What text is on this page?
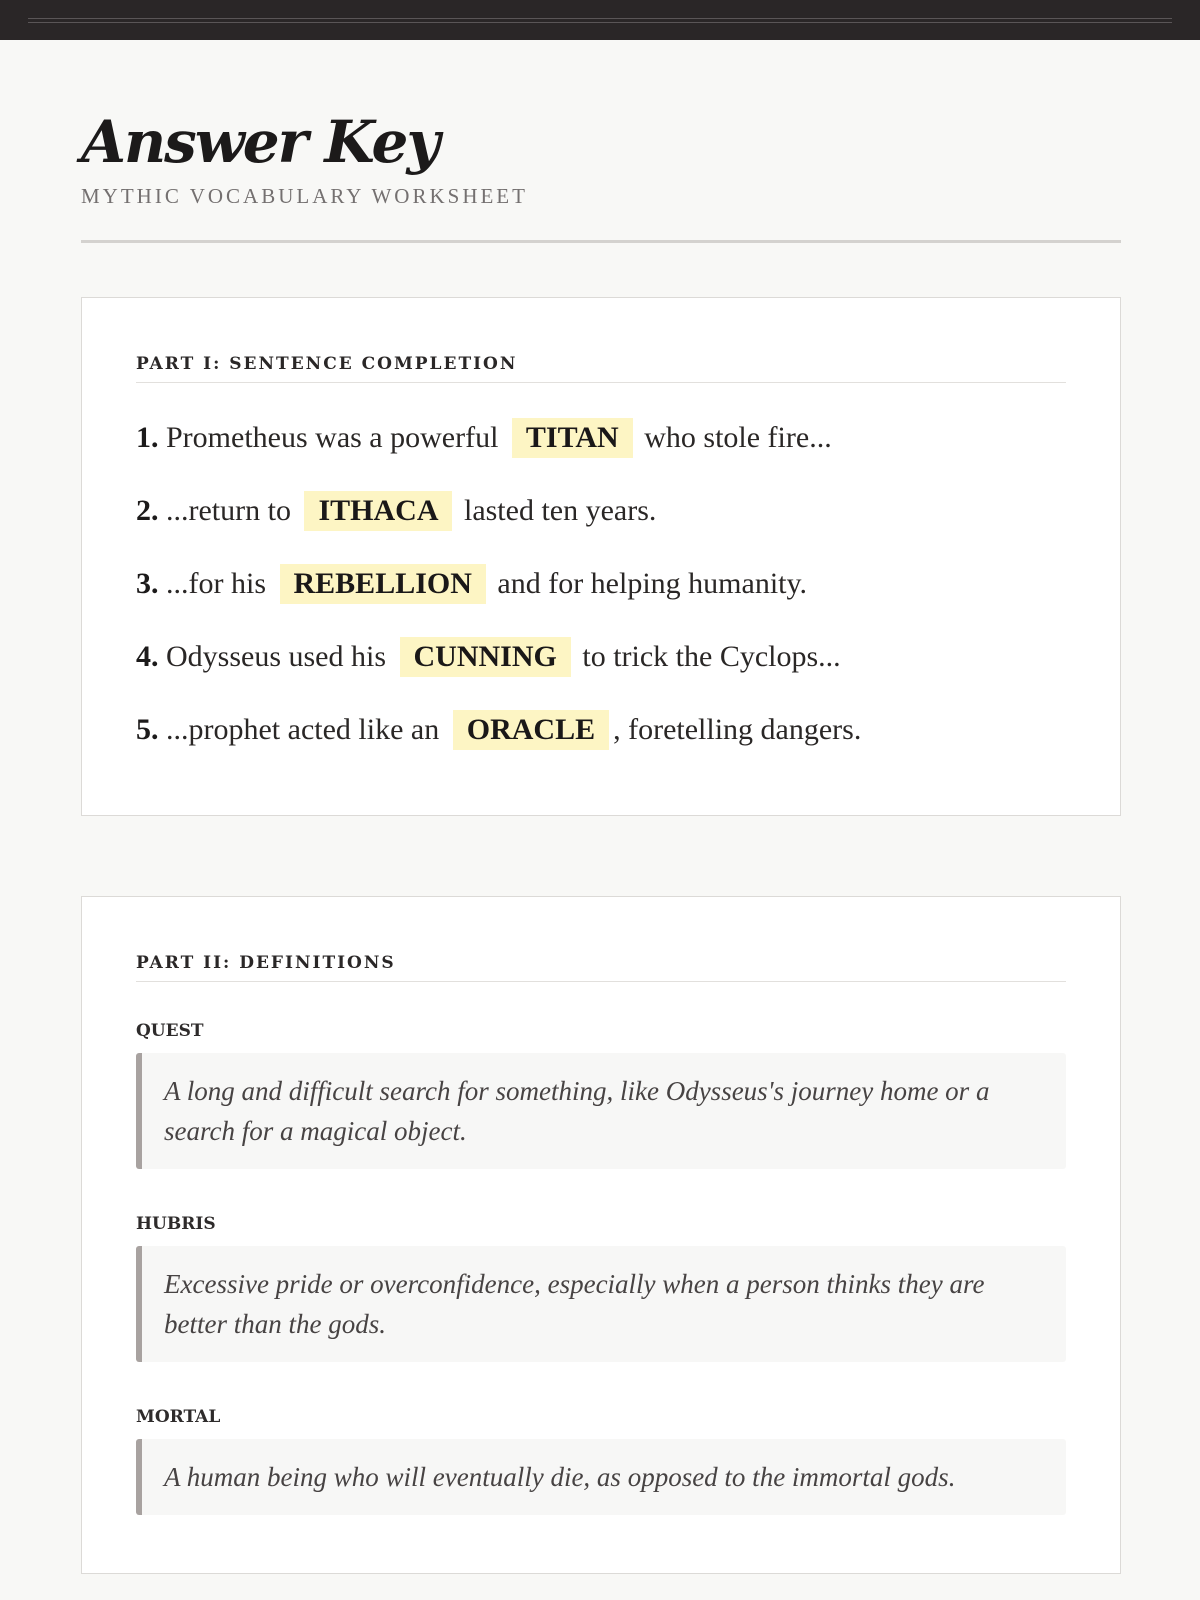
Answer Key
MYTHIC VOCABULARY WORKSHEET
PART I: SENTENCE COMPLETION
1. Prometheus was a powerful TITAN who stole fire...
2. ...return to ITHACA lasted ten years.
3. ...for his REBELLION and for helping humanity.
4. Odysseus used his CUNNING to trick the Cyclops...
5. ...prophet acted like an ORACLE , foretelling dangers.
PART II: DEFINITIONS
QUEST
A long and difficult search for something, like Odysseus's journey home or a search for a magical object.
HUBRIS
Excessive pride or overconfidence, especially when a person thinks they are better than the gods.
MORTAL
A human being who will eventually die, as opposed to the immortal gods.
